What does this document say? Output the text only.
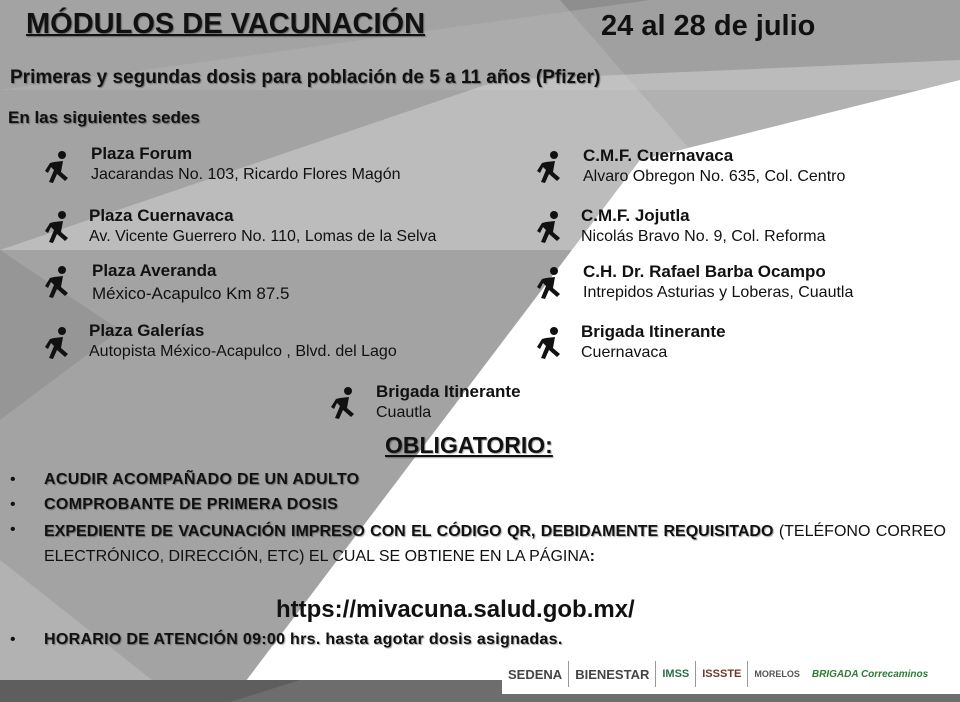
MÓDULOS DE VACUNACIÓN	24 al 28 de julio
Primeras y segundas dosis para población de 5 a 11 años (Pfizer)
En las siguientes sedes
Plaza Forum
Jacarandas No. 103, Ricardo Flores Magón
Plaza Cuernavaca
Av. Vicente Guerrero No. 110, Lomas de la Selva
Plaza Averanda
México-Acapulco Km 87.5
Plaza Galerías
Autopista México-Acapulco , Blvd. del Lago
C.M.F. Cuernavaca
Alvaro Obregon No. 635, Col. Centro
C.M.F. Jojutla
Nicolás Bravo No. 9, Col. Reforma
C.H. Dr. Rafael Barba Ocampo
Intrepidos Asturias y Loberas, Cuautla
Brigada Itinerante
Cuernavaca
Brigada Itinerante
Cuautla
OBLIGATORIO:
• ACUDIR ACOMPAÑADO DE UN ADULTO
• COMPROBANTE DE PRIMERA DOSIS
• EXPEDIENTE DE VACUNACIÓN IMPRESO CON EL CÓDIGO QR, DEBIDAMENTE REQUISITADO (TELÉFONO CORREO ELECTRÓNICO, DIRECCIÓN, ETC) EL CUAL SE OBTIENE EN LA PÁGINA:
https://mivacuna.salud.gob.mx/
• HORARIO DE ATENCIÓN 09:00 hrs. hasta agotar dosis asignadas.
SEDENA	BIENESTAR	IMSS	ISSSTE	MORELOS	BRIGADA Correcaminos
